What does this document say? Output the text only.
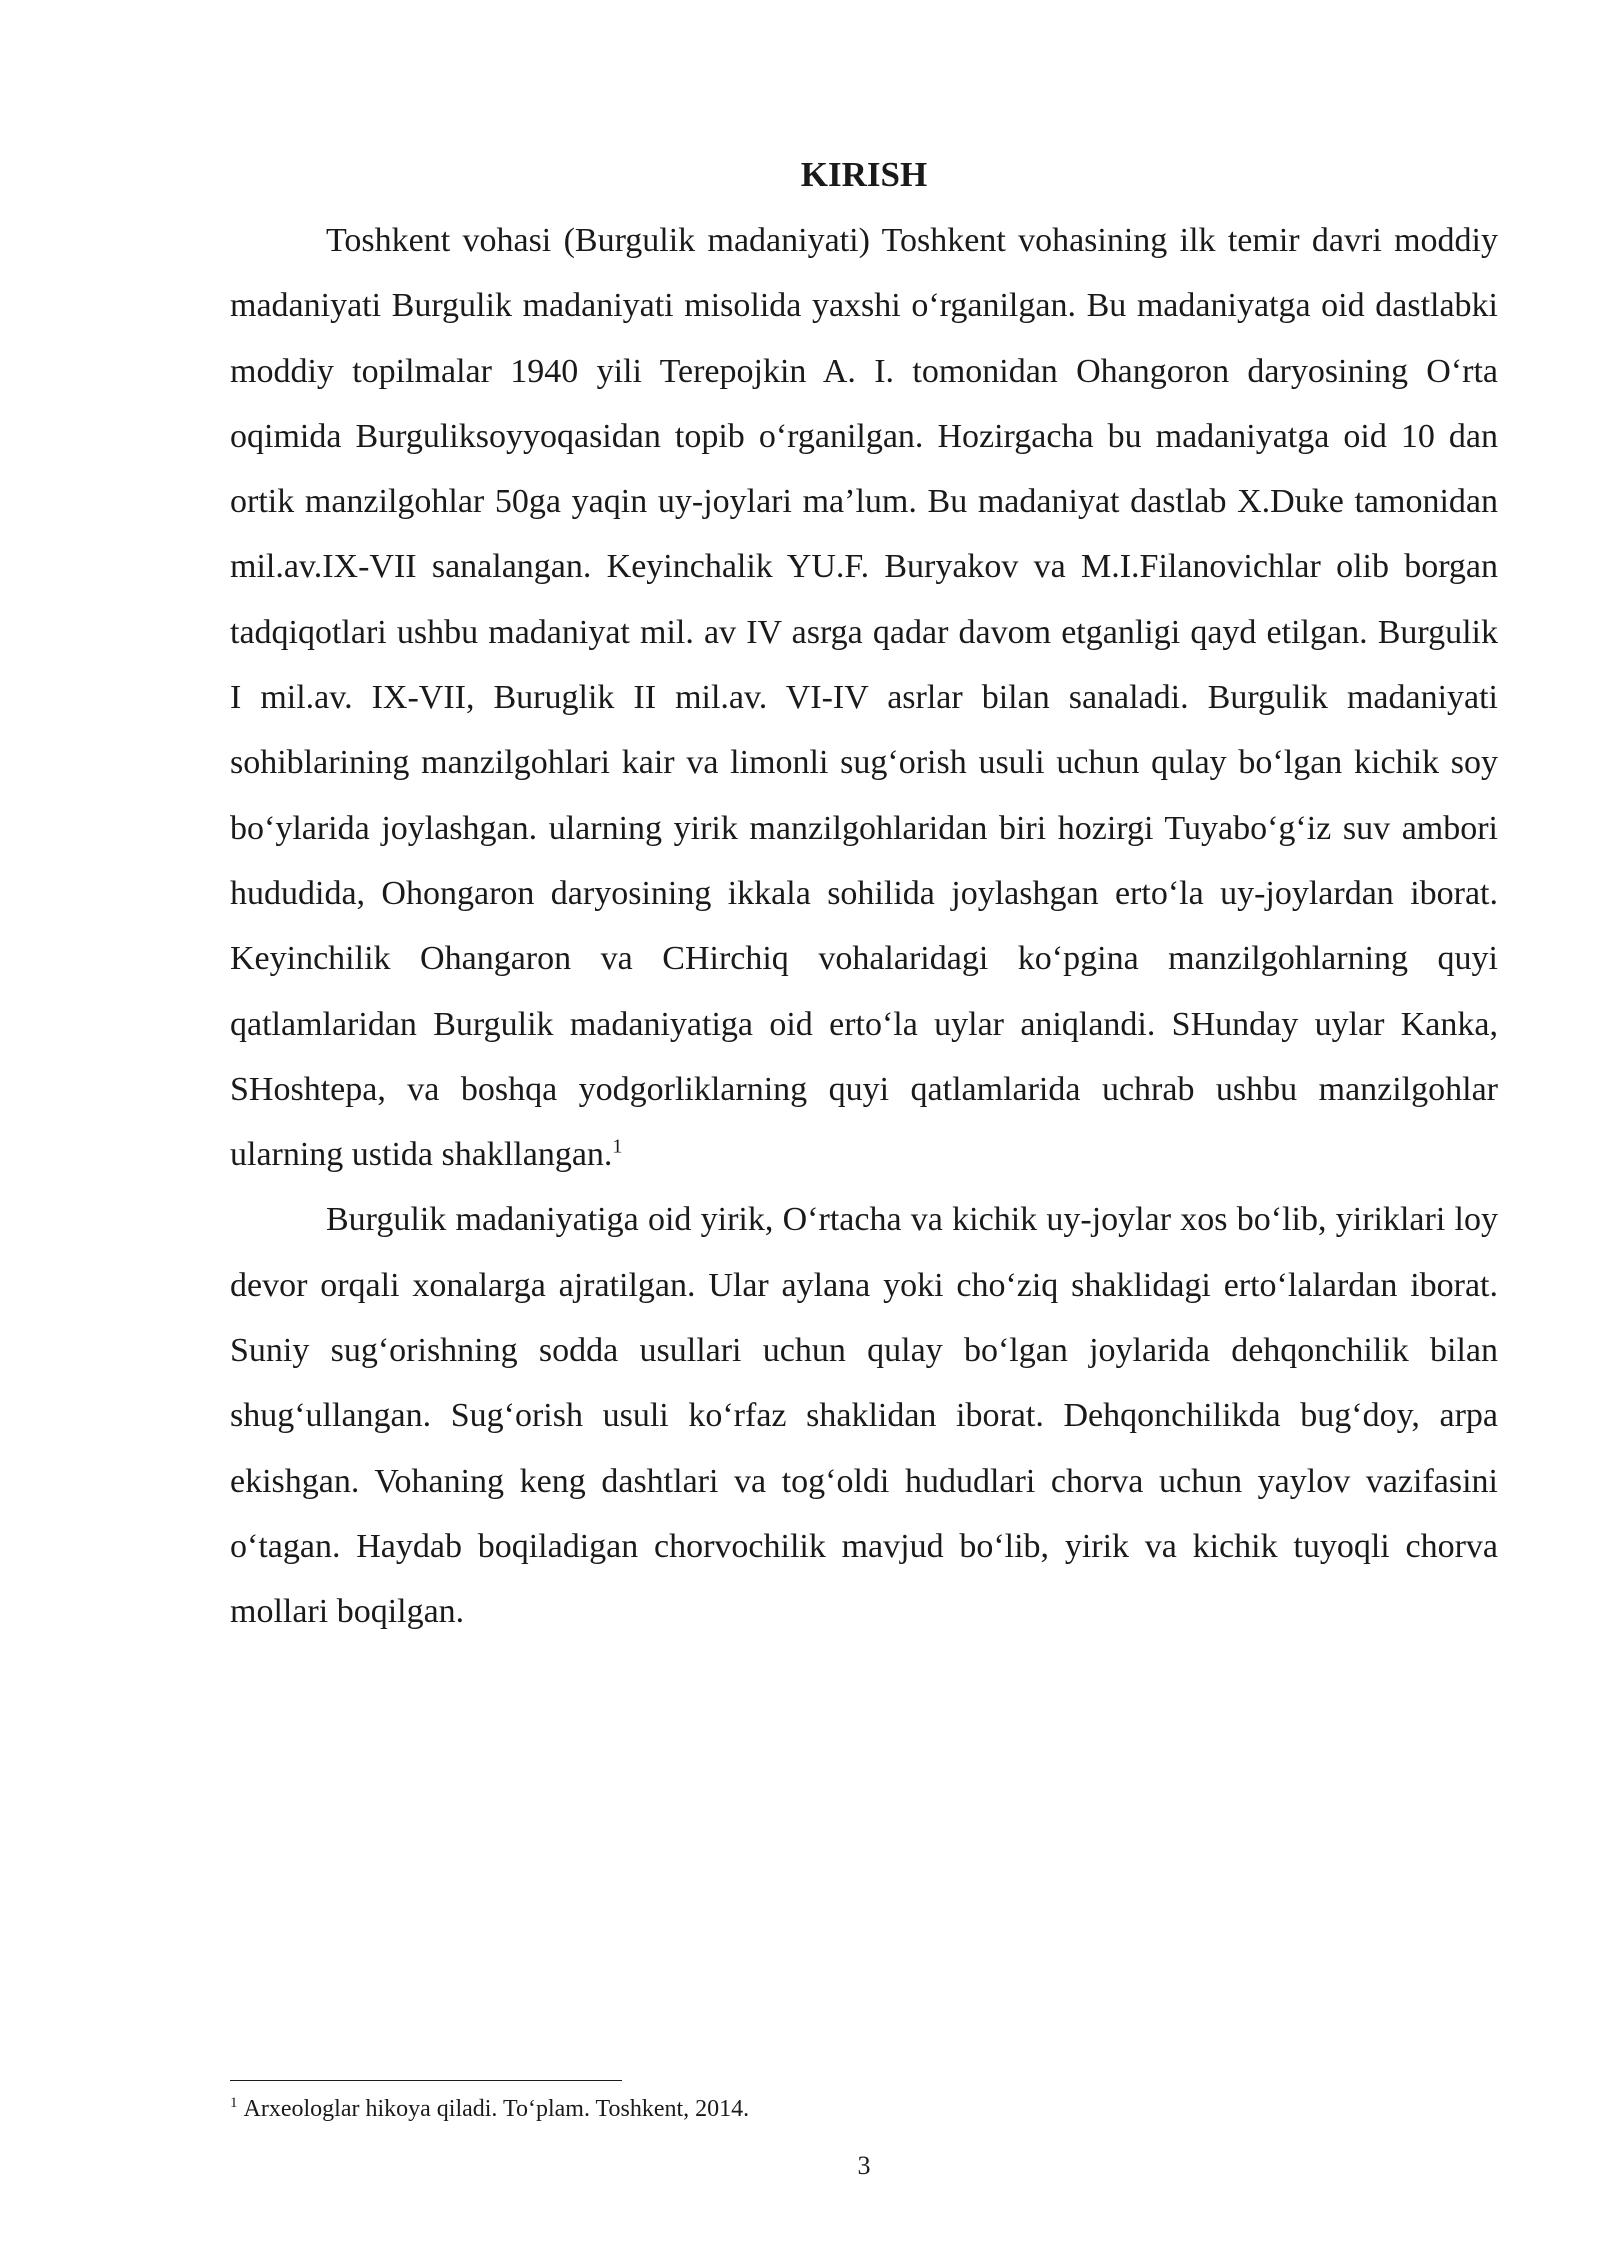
KIRISH

Toshkent vohasi (Burgulik madaniyati) Toshkent vohasining ilk temir davri moddiy madaniyati Burgulik madaniyati misolida yaxshi oʻrganilgan. Bu madaniyatga oid dastlabki moddiy topilmalar 1940 yili Terepojkin A. I. tomonidan Ohangoron daryosining Oʻrta oqimida Burguliksoyyoqasidan topib oʻrganilgan. Hozirgacha bu madaniyatga oid 10 dan ortik manzilgohlar 50ga yaqin uy-joylari ma’lum. Bu madaniyat dastlab X.Duke tamonidan mil.av.IX-VII sanalangan. Keyinchalik YU.F. Buryakov va M.I.Filanovichlar olib borgan tadqiqotlari ushbu madaniyat mil. av IV asrga qadar davom etganligi qayd etilgan. Burgulik I mil.av. IX-VII, Buruglik II mil.av. VI-IV asrlar bilan sanaladi. Burgulik madaniyati sohiblarining manzilgohlari kair va limonli sugʻorish usuli uchun qulay boʻlgan kichik soy boʻylarida joylashgan. ularning yirik manzilgohlaridan biri hozirgi Tuyaboʻgʻiz suv ambori hududida, Ohongaron daryosining ikkala sohilida joylashgan ertoʻla uy-joylardan iborat. Keyinchilik Ohangaron va CHirchiq vohalaridagi koʻpgina manzilgohlarning quyi qatlamlaridan Burgulik madaniyatiga oid ertoʻla uylar aniqlandi. SHunday uylar Kanka, SHoshtepa, va boshqa yodgorliklarning quyi qatlamlarida uchrab ushbu manzilgohlar ularning ustida shakllangan.$^1$

Burgulik madaniyatiga oid yirik, Oʻrtacha va kichik uy-joylar xos boʻlib, yiriklari loy devor orqali xonalarga ajratilgan. Ular aylana yoki choʻziq shaklidagi ertoʻlalardan iborat. Suniy sugʻorishning sodda usullari uchun qulay boʻlgan joylarida dehqonchilik bilan shugʻullangan. Sugʻorish usuli koʻrfaz shaklidan iborat. Dehqonchilikda bugʻdoy, arpa ekishgan. Vohaning keng dashtlari va togʻoldi hududlari chorva uchun yaylov vazifasini oʻtagan. Haydab boqiladigan chorvochilik mavjud boʻlib, yirik va kichik tuyoqli chorva mollari boqilgan.

$^1$ Arxeologlar hikoya qiladi. Toʻplam. Toshkent, 2014.

3
